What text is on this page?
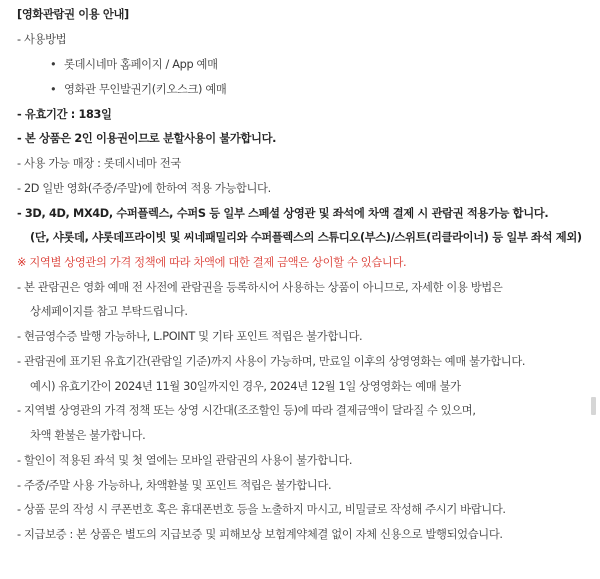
[영화관람권 이용 안내]
- 사용방법
• 롯데시네마 홈페이지 / App 예매
• 영화관 무인발권기(키오스크) 예매
- 유효기간 : 183일
- 본 상품은 2인 이용권이므로 분할사용이 불가합니다.
- 사용 가능 매장 : 롯데시네마 전국
- 2D 일반 영화(주중/주말)에 한하여 적용 가능합니다.
- 3D, 4D, MX4D, 수퍼플렉스, 수퍼S 등 일부 스페셜 상영관 및 좌석에 차액 결제 시 관람권 적용가능 합니다.
(단, 샤롯데, 샤롯데프라이빗 및 씨네패밀리와 수퍼플렉스의 스튜디오(부스)/스위트(리클라이너) 등 일부 좌석 제외)
※ 지역별 상영관의 가격 정책에 따라 차액에 대한 결제 금액은 상이할 수 있습니다.
- 본 관람권은 영화 예매 전 사전에 관람권을 등록하시어 사용하는 상품이 아니므로, 자세한 이용 방법은
상세페이지를 참고 부탁드립니다.
- 현금영수증 발행 가능하나, L.POINT 및 기타 포인트 적립은 불가합니다.
- 관람권에 표기된 유효기간(관람일 기준)까지 사용이 가능하며, 만료일 이후의 상영영화는 예매 불가합니다.
예시) 유효기간이 2024년 11월 30일까지인 경우, 2024년 12월 1일 상영영화는 예매 불가
- 지역별 상영관의 가격 정책 또는 상영 시간대(조조할인 등)에 따라 결제금액이 달라질 수 있으며,
차액 환불은 불가합니다.
- 할인이 적용된 좌석 및 첫 열에는 모바일 관람권의 사용이 불가합니다.
- 주중/주말 사용 가능하나, 차액환불 및 포인트 적립은 불가합니다.
- 상품 문의 작성 시 쿠폰번호 혹은 휴대폰번호 등을 노출하지 마시고, 비밀글로 작성해 주시기 바랍니다.
- 지급보증 : 본 상품은 별도의 지급보증 및 피해보상 보험계약체결 없이 자체 신용으로 발행되었습니다.
